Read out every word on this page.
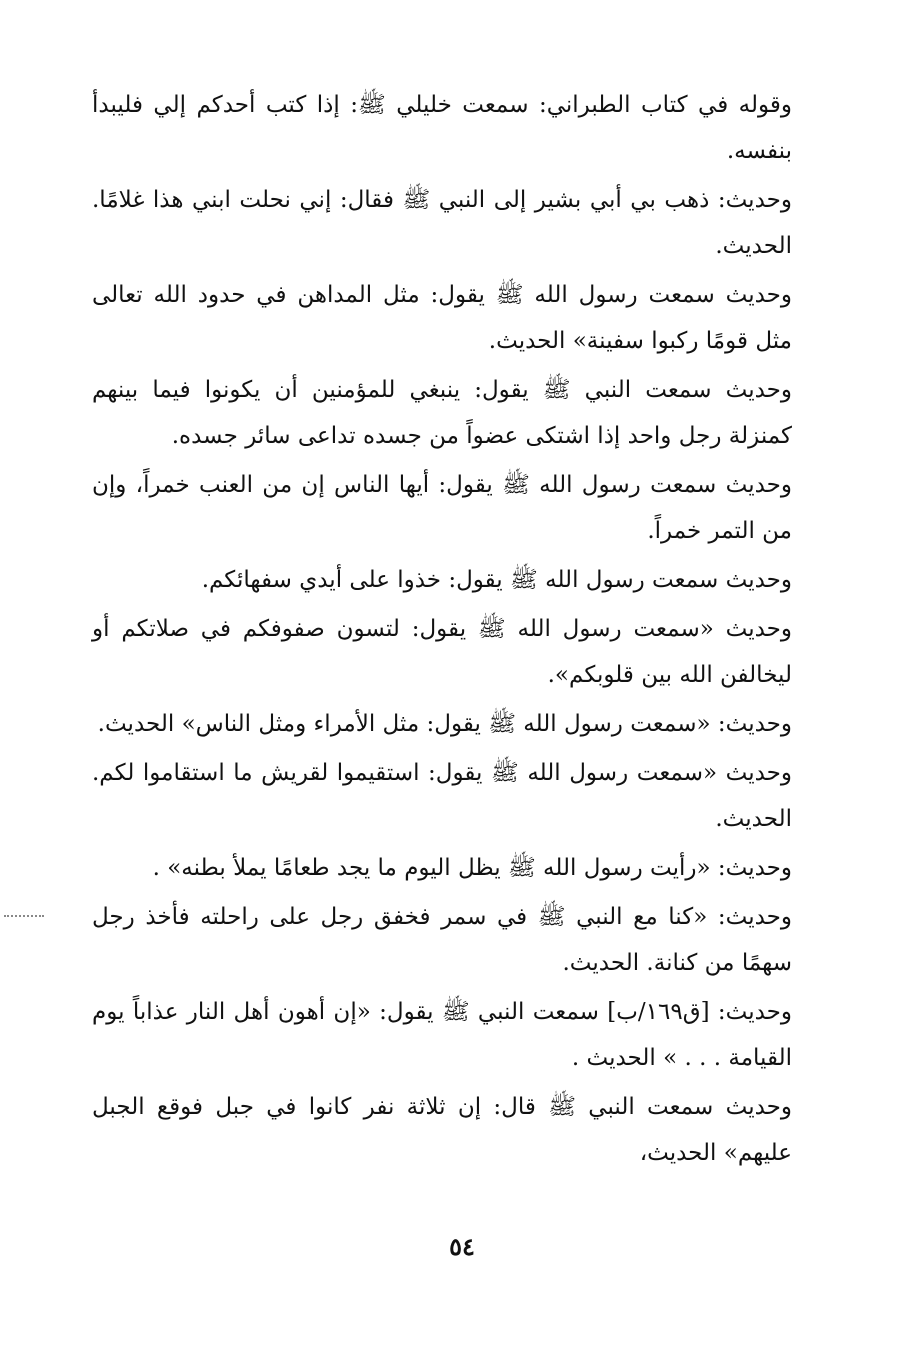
وقوله في كتاب الطبراني: سمعت خليلي ﷺ: إذا كتب أحدكم إلي فليبدأ بنفسه.

وحديث: ذهب بي أبي بشير إلى النبي ﷺ فقال: إني نحلت ابني هذا غلامًا. الحديث.

وحديث سمعت رسول الله ﷺ يقول: مثل المداهن في حدود الله تعالى مثل قومًا ركبوا سفينة» الحديث.

وحديث سمعت النبي ﷺ يقول: ينبغي للمؤمنين أن يكونوا فيما بينهم كمنزلة رجل واحد إذا اشتكى عضواً من جسده تداعى سائر جسده.

وحديث سمعت رسول الله ﷺ يقول: أيها الناس إن من العنب خمراً، وإن من التمر خمراً.

وحديث سمعت رسول الله ﷺ يقول: خذوا على أيدي سفهائكم.

وحديث «سمعت رسول الله ﷺ يقول: لتسون صفوفكم في صلاتكم أو ليخالفن الله بين قلوبكم».

وحديث: «سمعت رسول الله ﷺ يقول: مثل الأمراء ومثل الناس» الحديث.

وحديث «سمعت رسول الله ﷺ يقول: استقيموا لقريش ما استقاموا لكم. الحديث.

وحديث: «رأيت رسول الله ﷺ يظل اليوم ما يجد طعامًا يملأ بطنه» .

وحديث: «كنا مع النبي ﷺ في سمر فخفق رجل على راحلته فأخذ رجل سهمًا من كنانة. الحديث.

وحديث: [ق١٦٩/ب] سمعت النبي ﷺ يقول: «إن أهون أهل النار عذاباً يوم القيامة . . . » الحديث .

وحديث سمعت النبي ﷺ قال: إن ثلاثة نفر كانوا في جبل فوقع الجبل عليهم» الحديث،

٥٤
